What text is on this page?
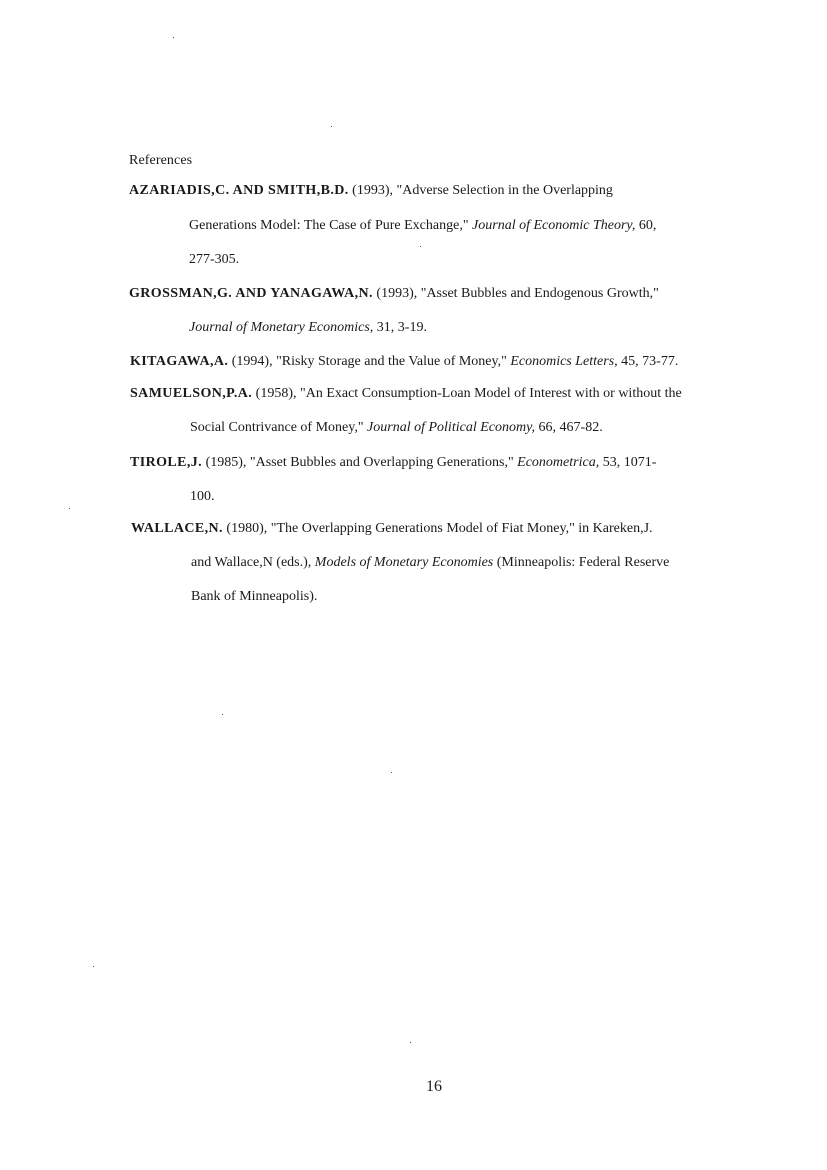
References
AZARIADIS,C. AND SMITH,B.D. (1993), "Adverse Selection in the Overlapping
Generations Model: The Case of Pure Exchange," Journal of Economic Theory, 60,
277-305.
GROSSMAN,G. AND YANAGAWA,N. (1993), "Asset Bubbles and Endogenous Growth,"
Journal of Monetary Economics, 31, 3-19.
KITAGAWA,A. (1994), "Risky Storage and the Value of Money," Economics Letters, 45, 73-77.
SAMUELSON,P.A. (1958), "An Exact Consumption-Loan Model of Interest with or without the
Social Contrivance of Money," Journal of Political Economy, 66, 467-82.
TIROLE,J. (1985), "Asset Bubbles and Overlapping Generations," Econometrica, 53, 1071-
100.
WALLACE,N. (1980), "The Overlapping Generations Model of Fiat Money," in Kareken,J.
and Wallace,N (eds.), Models of Monetary Economies (Minneapolis: Federal Reserve
Bank of Minneapolis).
16
